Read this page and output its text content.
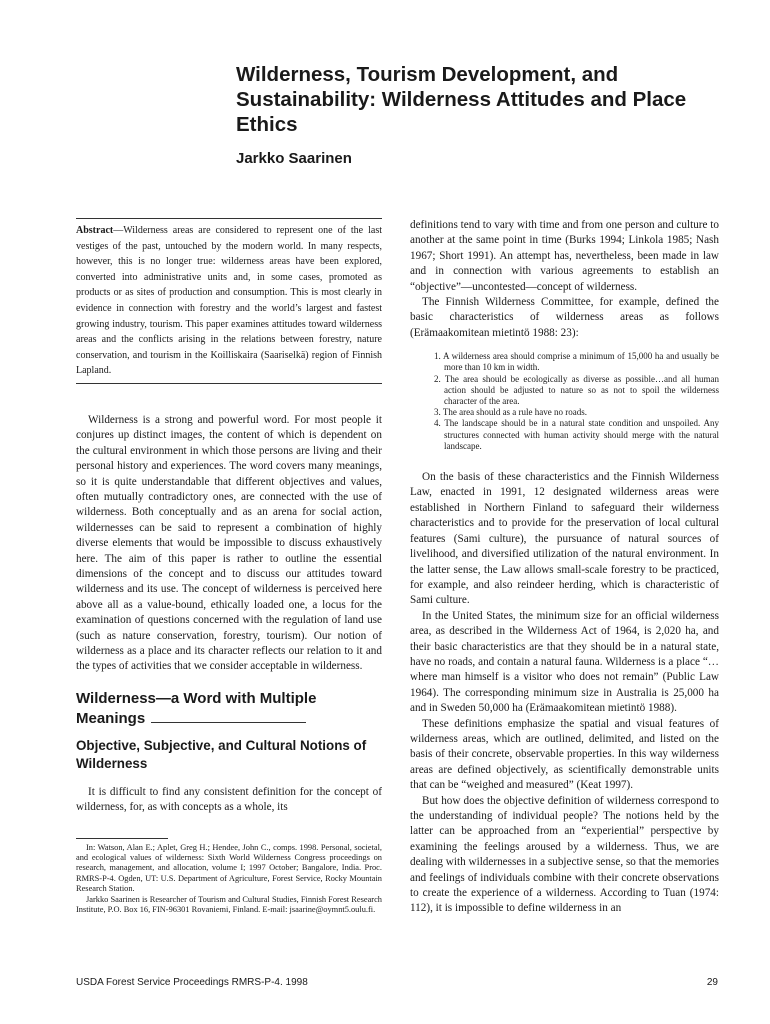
Wilderness, Tourism Development, and Sustainability: Wilderness Attitudes and Place Ethics
Jarkko Saarinen
Abstract—Wilderness areas are considered to represent one of the last vestiges of the past, untouched by the modern world. In many respects, however, this is no longer true: wilderness areas have been explored, converted into administrative units and, in some cases, promoted as products or as sites of production and consumption. This is most clearly in evidence in connection with forestry and the world’s largest and fastest growing industry, tourism. This paper examines attitudes toward wilderness areas and the conflicts arising in the relations between forestry, nature conservation, and tourism in the Koilliskaira (Saariselkä) region of Finnish Lapland.

Wilderness is a strong and powerful word. For most people it conjures up distinct images, the content of which is dependent on the cultural environment in which those persons are living and their personal history and experiences. The word covers many meanings, so it is quite understandable that different objectives and values, often mutually contradictory ones, are connected with the use of wilderness. Both conceptually and as an arena for social action, wildernesses can be said to represent a combination of highly diverse elements that would be impossible to discuss exhaustively here. The aim of this paper is rather to outline the essential dimensions of the concept and to discuss our attitudes toward wilderness and its use. The concept of wilderness is perceived here above all as a value-bound, ethically loaded one, a locus for the examination of questions concerned with the regulation of land use (such as nature conservation, forestry, tourism). Our notion of wilderness as a place and its character reflects our relation to it and the types of activities that we consider acceptable in wilderness.

Wilderness—a Word with Multiple Meanings
Objective, Subjective, and Cultural Notions of Wilderness

It is difficult to find any consistent definition for the concept of wilderness, for, as with concepts as a whole, its

In: Watson, Alan E.; Aplet, Greg H.; Hendee, John C., comps. 1998. Personal, societal, and ecological values of wilderness: Sixth World Wilderness Congress proceedings on research, management, and allocation, volume I; 1997 October; Bangalore, India. Proc. RMRS-P-4. Ogden, UT: U.S. Department of Agriculture, Forest Service, Rocky Mountain Research Station.

Jarkko Saarinen is Researcher of Tourism and Cultural Studies, Finnish Forest Research Institute, P.O. Box 16, FIN-96301 Rovaniemi, Finland. E-mail: jsaarine@oymnt5.oulu.fi.

definitions tend to vary with time and from one person and culture to another at the same point in time (Burks 1994; Linkola 1985; Nash 1967; Short 1991). An attempt has, nevertheless, been made in law and in connection with various agreements to establish an “objective”—uncontested—concept of wilderness.

The Finnish Wilderness Committee, for example, defined the basic characteristics of wilderness areas as follows (Erämaakomitean mietintö 1988: 23):

1. A wilderness area should comprise a minimum of 15,000 ha and usually be more than 10 km in width.
2. The area should be ecologically as diverse as possible…and all human action should be adjusted to nature so as not to spoil the wilderness character of the area.
3. The area should as a rule have no roads.
4. The landscape should be in a natural state condition and unspoiled. Any structures connected with human activity should merge with the natural landscape.

On the basis of these characteristics and the Finnish Wilderness Law, enacted in 1991, 12 designated wilderness areas were established in Northern Finland to safeguard their wilderness characteristics and to provide for the preservation of local cultural features (Sami culture), the pursuance of natural sources of livelihood, and diversified utilization of the natural environment. In the latter sense, the Law allows small-scale forestry to be practiced, for example, and also reindeer herding, which is characteristic of Sami culture.

In the United States, the minimum size for an official wilderness area, as described in the Wilderness Act of 1964, is 2,020 ha, and their basic characteristics are that they should be in a natural state, have no roads, and contain a natural fauna. Wilderness is a place “…where man himself is a visitor who does not remain” (Public Law 1964). The corresponding minimum size in Australia is 25,000 ha and in Sweden 50,000 ha (Erämaakomitean mietintö 1988).

These definitions emphasize the spatial and visual features of wilderness areas, which are outlined, delimited, and listed on the basis of their concrete, observable properties. In this way wilderness areas are defined objectively, as scientifically demonstrable units that can be “weighed and measured” (Keat 1997).

But how does the objective definition of wilderness correspond to the understanding of individual people? The notions held by the latter can be approached from an “experiential” perspective by examining the feelings aroused by a wilderness. Thus, we are dealing with wildernesses in a subjective sense, so that the memories and feelings of individuals combine with their concrete observations to create the experience of a wilderness. According to Tuan (1974: 112), it is impossible to define wilderness in an

USDA Forest Service Proceedings RMRS-P-4. 1998	29
